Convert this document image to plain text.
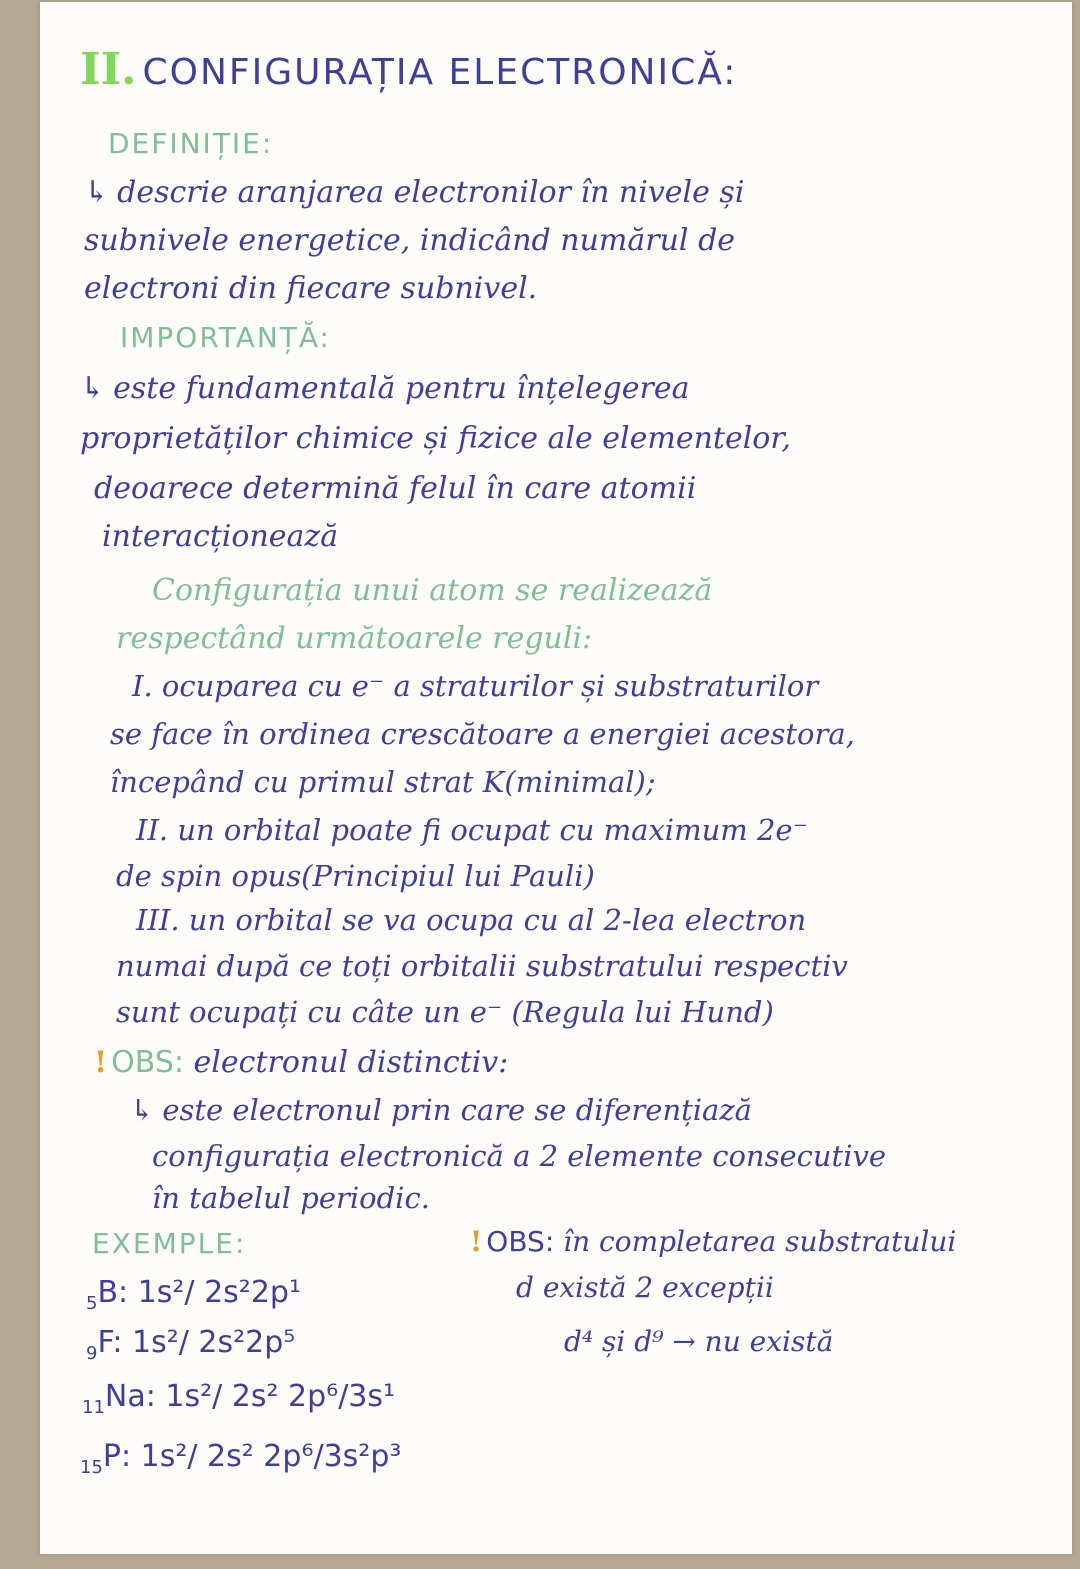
II. CONFIGURAȚIA ELECTRONICĂ:
DEFINIȚIE:
↳ descrie aranjarea electronilor în nivele și
subnivele energetice, indicând numărul de
electroni din fiecare subnivel.
IMPORTANȚĂ:
↳ este fundamentală pentru înțelegerea
proprietăților chimice și fizice ale elementelor,
deoarece determină felul în care atomii
interacționează
Configurația unui atom se realizează
respectând următoarele reguli:
I. ocuparea cu e⁻ a straturilor și substraturilor
se face în ordinea crescătoare a energiei acestora,
începând cu primul strat K(minimal);
II. un orbital poate fi ocupat cu maximum 2e⁻
de spin opus(Principiul lui Pauli)
III. un orbital se va ocupa cu al 2-lea electron
numai după ce toți orbitalii substratului respectiv
sunt ocupați cu câte un e⁻ (Regula lui Hund)
! OBS: electronul distinctiv:
↳ este electronul prin care se diferențiază
configurația electronică a 2 elemente consecutive
în tabelul periodic.
EXEMPLE:
$_5$B: 1s²/ 2s²2p¹
$_9$F: 1s²/ 2s²2p⁵
$_{11}$Na: 1s²/ 2s² 2p⁶/3s¹
$_{15}$P: 1s²/ 2s² 2p⁶/3s²p³
! OBS: în completarea substratului
d există 2 excepții
d⁴ și d⁹ → nu există
